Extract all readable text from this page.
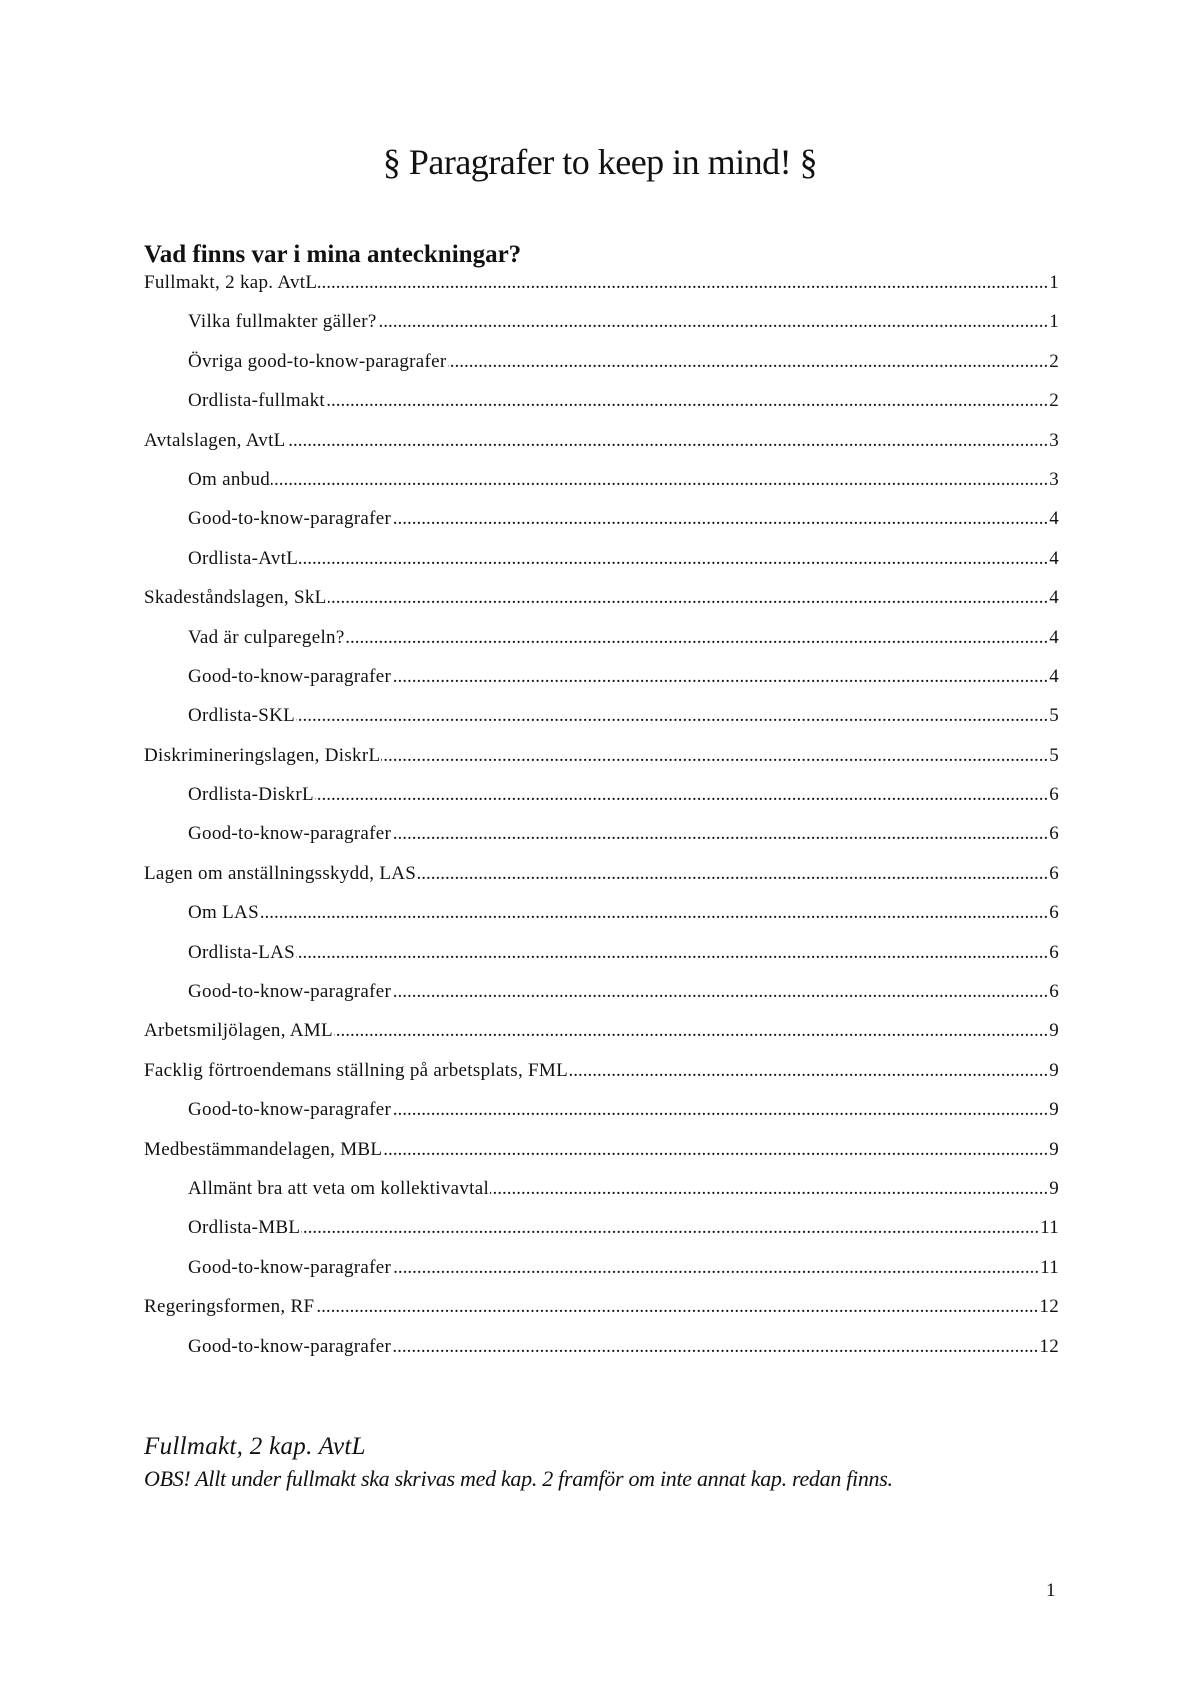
§ Paragrafer to keep in mind! §
Vad finns var i mina anteckningar?
Fullmakt, 2 kap. AvtL .....	1
Vilka fullmakter gäller? .....	1
Övriga good-to-know-paragrafer .....	2
Ordlista-fullmakt .....	2
Avtalslagen, AvtL .....	3
Om anbud .....	3
Good-to-know-paragrafer .....	4
Ordlista-AvtL .....	4
Skadeståndslagen, SkL .....	4
Vad är culparegeln? .....	4
Good-to-know-paragrafer .....	4
Ordlista-SKL .....	5
Diskrimineringslagen, DiskrL .....	5
Ordlista-DiskrL .....	6
Good-to-know-paragrafer .....	6
Lagen om anställningsskydd, LAS .....	6
Om LAS .....	6
Ordlista-LAS .....	6
Good-to-know-paragrafer .....	6
Arbetsmiljölagen, AML .....	9
Facklig förtroendemans ställning på arbetsplats, FML .....	9
Good-to-know-paragrafer .....	9
Medbestämmandelagen, MBL .....	9
Allmänt bra att veta om kollektivavtal .....	9
Ordlista-MBL .....	11
Good-to-know-paragrafer .....	11
Regeringsformen, RF .....	12
Good-to-know-paragrafer .....	12
Fullmakt, 2 kap. AvtL
OBS! Allt under fullmakt ska skrivas med kap. 2 framför om inte annat kap. redan finns.
1
